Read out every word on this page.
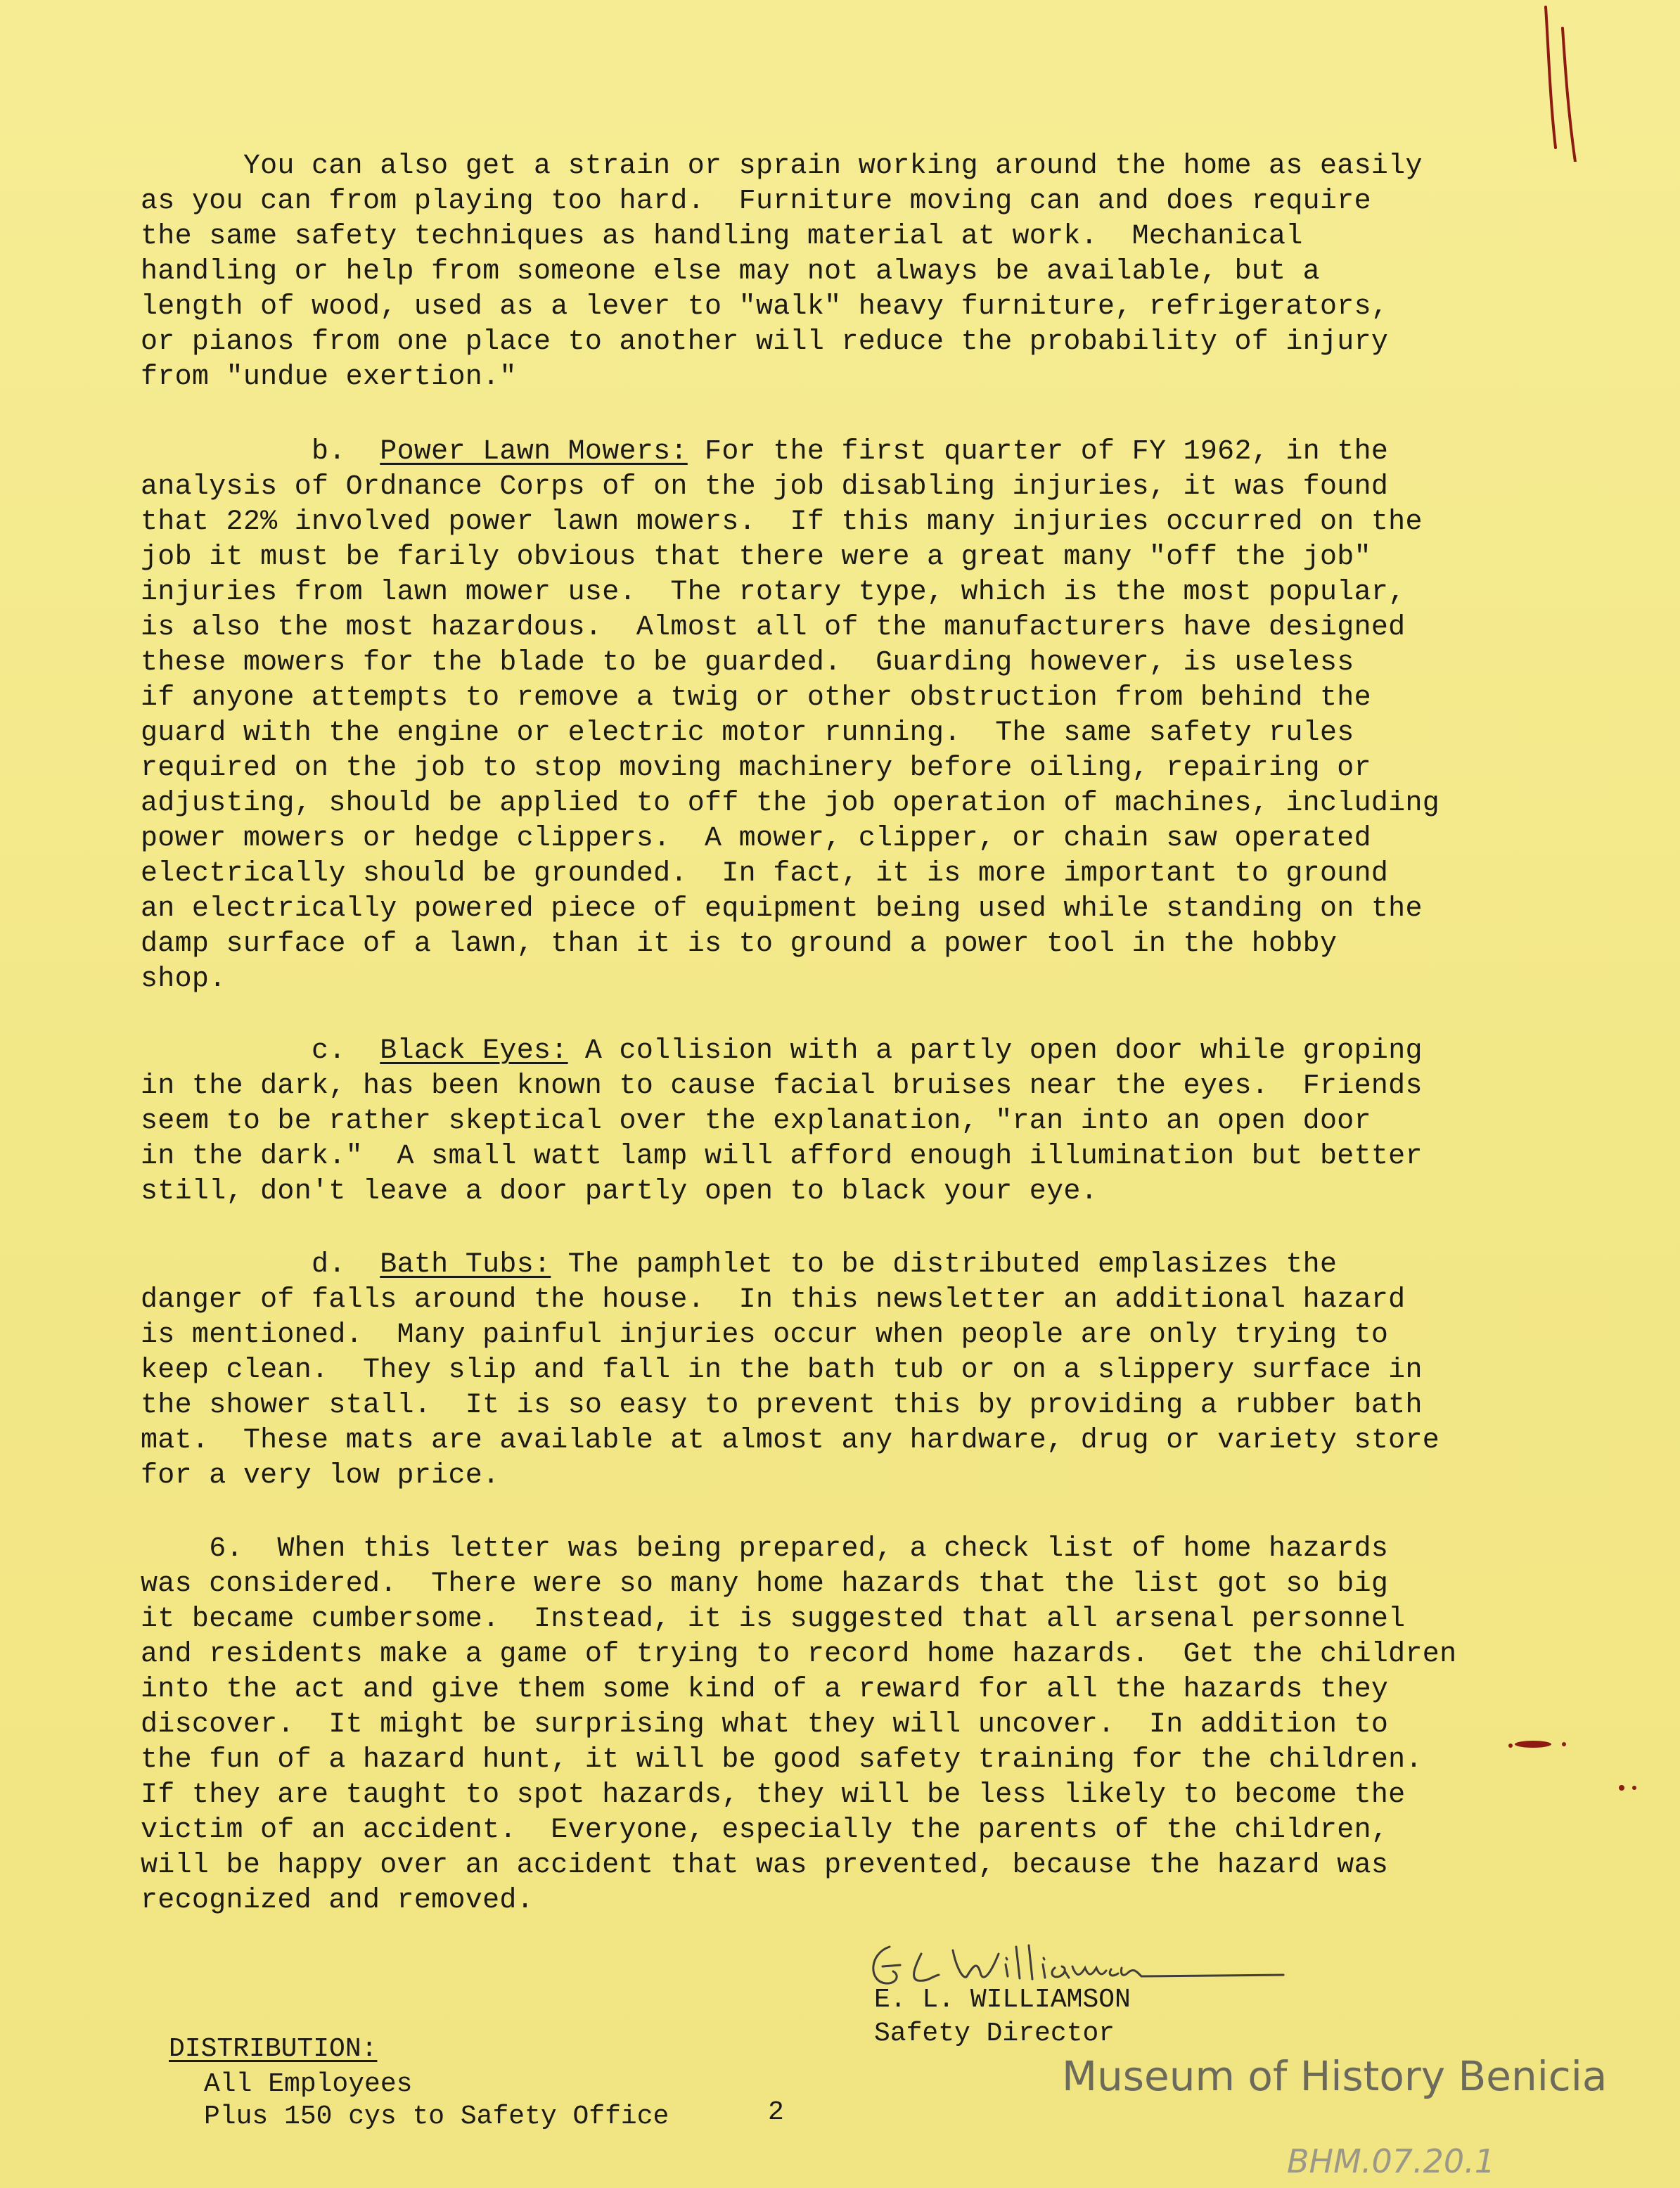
You can also get a strain or sprain working around the home as easily
as you can from playing too hard.  Furniture moving can and does require
the same safety techniques as handling material at work.  Mechanical
handling or help from someone else may not always be available, but a
length of wood, used as a lever to "walk" heavy furniture, refrigerators,
or pianos from one place to another will reduce the probability of injury
from "undue exertion."
b. Power Lawn Mowers: For the first quarter of FY 1962, in the
analysis of Ordnance Corps of on the job disabling injuries, it was found
that 22% involved power lawn mowers.  If this many injuries occurred on the
job it must be farily obvious that there were a great many "off the job"
injuries from lawn mower use.  The rotary type, which is the most popular,
is also the most hazardous.  Almost all of the manufacturers have designed
these mowers for the blade to be guarded.  Guarding however, is useless
if anyone attempts to remove a twig or other obstruction from behind the
guard with the engine or electric motor running.  The same safety rules
required on the job to stop moving machinery before oiling, repairing or
adjusting, should be applied to off the job operation of machines, including
power mowers or hedge clippers.  A mower, clipper, or chain saw operated
electrically should be grounded.  In fact, it is more important to ground
an electrically powered piece of equipment being used while standing on the
damp surface of a lawn, than it is to ground a power tool in the hobby
shop.
c. Black Eyes: A collision with a partly open door while groping
in the dark, has been known to cause facial bruises near the eyes.  Friends
seem to be rather skeptical over the explanation, "ran into an open door
in the dark."  A small watt lamp will afford enough illumination but better
still, don't leave a door partly open to black your eye.
d. Bath Tubs: The pamphlet to be distributed emplasizes the
danger of falls around the house.  In this newsletter an additional hazard
is mentioned.  Many painful injuries occur when people are only trying to
keep clean.  They slip and fall in the bath tub or on a slippery surface in
the shower stall.  It is so easy to prevent this by providing a rubber bath
mat.  These mats are available at almost any hardware, drug or variety store
for a very low price.
6.  When this letter was being prepared, a check list of home hazards
was considered.  There were so many home hazards that the list got so big
it became cumbersome.  Instead, it is suggested that all arsenal personnel
and residents make a game of trying to record home hazards.  Get the children
into the act and give them some kind of a reward for all the hazards they
discover.  It might be surprising what they will uncover.  In addition to
the fun of a hazard hunt, it will be good safety training for the children.
If they are taught to spot hazards, they will be less likely to become the
victim of an accident.  Everyone, especially the parents of the children,
will be happy over an accident that was prevented, because the hazard was
recognized and removed.
E. L. WILLIAMSON
Safety Director
DISTRIBUTION:
All Employees
Plus 150 cys to Safety Office	2
Museum of History Benicia
BHM.07.20.1
